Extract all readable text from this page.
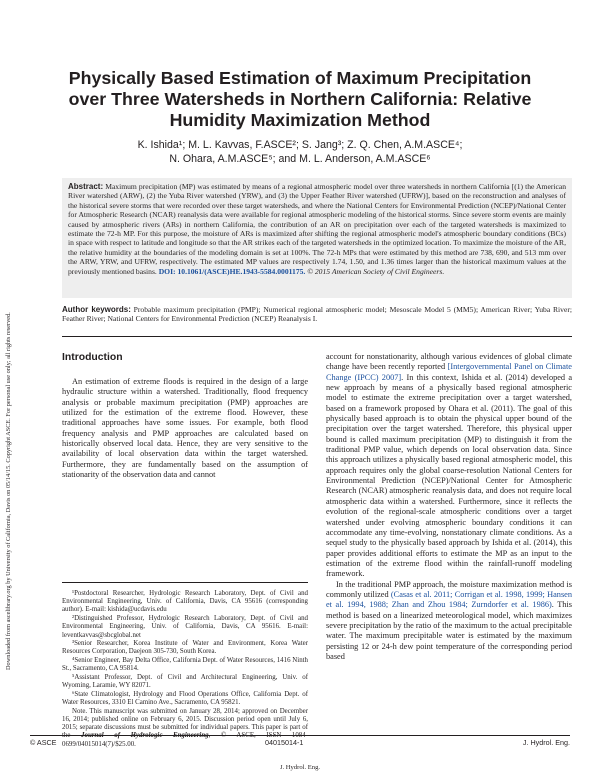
Downloaded from ascelibrary.org by University of California, Davis on 05/14/15. Copyright ASCE. For personal use only; all rights reserved.
Physically Based Estimation of Maximum Precipitation
over Three Watersheds in Northern California: Relative
Humidity Maximization Method

K. Ishida¹; M. L. Kavvas, F.ASCE²; S. Jang³; Z. Q. Chen, A.M.ASCE⁴;
N. Ohara, A.M.ASCE⁵; and M. L. Anderson, A.M.ASCE⁶

Abstract: Maximum precipitation (MP) was estimated by means of a regional atmospheric model over three watersheds in northern California [(1) the American River watershed (ARW), (2) the Yuba River watershed (YRW), and (3) the Upper Feather River watershed (UFRW)], based on the reconstruction and analyses of the historical severe storms that were recorded over these target watersheds, and where the National Centers for Environmental Prediction (NCEP)/National Center for Atmospheric Research (NCAR) reanalysis data were available for regional atmospheric modeling of the historical storms. Since severe storm events are mainly caused by atmospheric rivers (ARs) in northern California, the contribution of an AR on precipitation over each of the targeted watersheds is maximized to estimate the 72-h MP. For this purpose, the moisture of ARs is maximized after shifting the regional atmospheric model's atmospheric boundary conditions (BCs) in space with respect to latitude and longitude so that the AR strikes each of the targeted watersheds in the optimized location. To maximize the moisture of the AR, the relative humidity at the boundaries of the modeling domain is set at 100%. The 72-h MPs that were estimated by this method are 738, 690, and 513 mm over the ARW, YRW, and UFRW, respectively. The estimated MP values are respectively 1.74, 1.50, and 1.36 times larger than the historical maximum values at the previously mentioned basins. DOI: 10.1061/(ASCE)HE.1943-5584.0001175. © 2015 American Society of Civil Engineers.
Author keywords: Probable maximum precipitation (PMP); Numerical regional atmospheric model; Mesoscale Model 5 (MM5); American River; Yuba River; Feather River; National Centers for Environmental Prediction (NCEP) Reanalysis I.
Introduction

An estimation of extreme floods is required in the design of a large hydraulic structure within a watershed. Traditionally, flood frequency analysis or probable maximum precipitation (PMP) approaches are utilized for the estimation of the extreme flood. However, these traditional approaches have some issues. For example, both flood frequency analysis and PMP approaches are calculated based on historically observed local data. Hence, they are very sensitive to the availability of local observation data within the target watershed. Furthermore, they are fundamentally based on the assumption of stationarity of the observation data and cannot

¹Postdoctoral Researcher, Hydrologic Research Laboratory, Dept. of Civil and Environmental Engineering, Univ. of California, Davis, CA 95616 (corresponding author). E-mail: kishida@ucdavis.edu

²Distinguished Professor, Hydrologic Research Laboratory, Dept. of Civil and Environmental Engineering, Univ. of California, Davis, CA 95616. E-mail: leventkavvas@sbcglobal.net

³Senior Researcher, Korea Institute of Water and Environment, Korea Water Resources Corporation, Daejeon 305-730, South Korea.

⁴Senior Engineer, Bay Delta Office, California Dept. of Water Resources, 1416 Ninth St., Sacramento, CA 95814.

⁵Assistant Professor, Dept. of Civil and Architectural Engineering, Univ. of Wyoming, Laramie, WY 82071.

⁶State Climatologist, Hydrology and Flood Operations Office, California Dept. of Water Resources, 3310 El Camino Ave., Sacramento, CA 95821.

Note. This manuscript was submitted on January 28, 2014; approved on December 16, 2014; published online on February 6, 2015. Discussion period open until July 6, 2015; separate discussions must be submitted for individual papers. This paper is part of the Journal of Hydrologic Engineering, © ASCE, ISSN 1084-0699/04015014(7)/$25.00.

account for nonstationarity, although various evidences of global climate change have been recently reported [Intergovernmental Panel on Climate Change (IPCC) 2007]. In this context, Ishida et al. (2014) developed a new approach by means of a physically based regional atmospheric model to estimate the extreme precipitation over a target watershed, based on a framework proposed by Ohara et al. (2011). The goal of this physically based approach is to obtain the physical upper bound of the precipitation over the target watershed. Therefore, this physical upper bound is called maximum precipitation (MP) to distinguish it from the traditional PMP value, which depends on local observation data. Since this approach utilizes a physically based regional atmospheric model, this approach requires only the global coarse-resolution National Centers for Environmental Prediction (NCEP)/National Center for Atmospheric Research (NCAR) atmospheric reanalysis data, and does not require local atmospheric data within a watershed. Furthermore, since it reflects the evolution of the regional-scale atmospheric conditions over a target watershed under evolving atmospheric boundary conditions it can accommodate any time-evolving, nonstationary climate conditions. As a sequel study to the physically based approach by Ishida et al. (2014), this paper provides additional efforts to estimate the MP as an input to the estimation of the extreme flood within the rainfall-runoff modeling framework.

In the traditional PMP approach, the moisture maximization method is commonly utilized (Casas et al. 2011; Corrigan et al. 1998, 1999; Hansen et al. 1994, 1988; Zhan and Zhou 1984; Zurndorfer et al. 1986). This method is based on a linearized meteorological model, which maximizes severe precipitation by the ratio of the maximum to the actual precipitable water. The maximum precipitable water is estimated by the maximum persisting 12 or 24-h dew point temperature of the corresponding period based

© ASCE	04015014-1	J. Hydrol. Eng.
J. Hydrol. Eng.
